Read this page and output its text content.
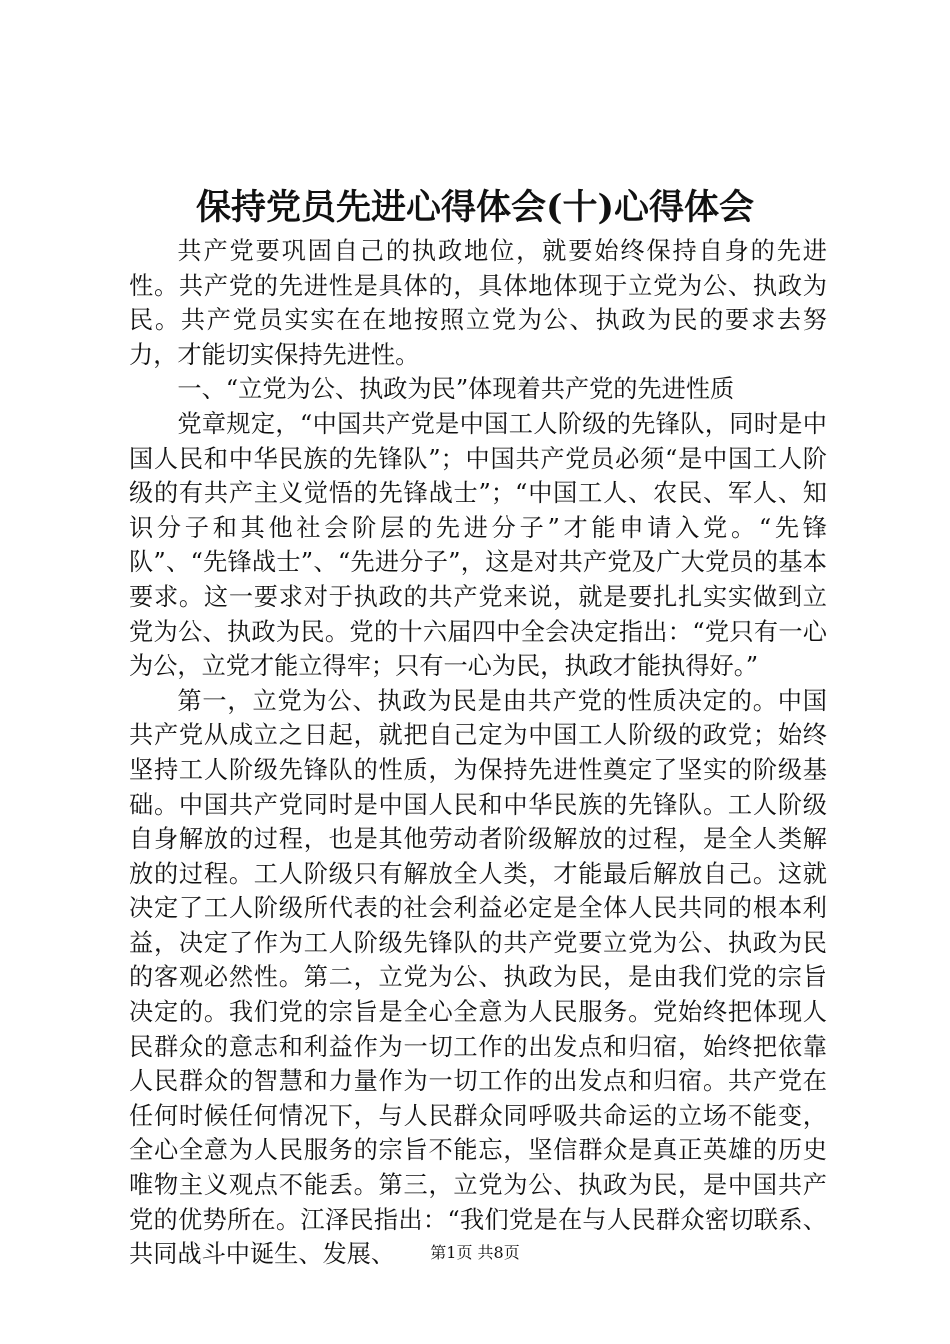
保持党员先进心得体会(十)心得体会

共产党要巩固自己的执政地位，就要始终保持自身的先进性。共产党的先进性是具体的，具体地体现于立党为公、执政为民。共产党员实实在在地按照立党为公、执政为民的要求去努力，才能切实保持先进性。

一、“立党为公、执政为民”体现着共产党的先进性质

党章规定，“中国共产党是中国工人阶级的先锋队，同时是中国人民和中华民族的先锋队”；中国共产党员必须“是中国工人阶级的有共产主义觉悟的先锋战士”；“中国工人、农民、军人、知识分子和其他社会阶层的先进分子”才能申请入党。“先锋队”、“先锋战士”、“先进分子”，这是对共产党及广大党员的基本要求。这一要求对于执政的共产党来说，就是要扎扎实实做到立党为公、执政为民。党的十六届四中全会决定指出：“党只有一心为公，立党才能立得牢；只有一心为民，执政才能执得好。”

第一，立党为公、执政为民是由共产党的性质决定的。中国共产党从成立之日起，就把自己定为中国工人阶级的政党；始终坚持工人阶级先锋队的性质，为保持先进性奠定了坚实的阶级基础。中国共产党同时是中国人民和中华民族的先锋队。工人阶级自身解放的过程，也是其他劳动者阶级解放的过程，是全人类解放的过程。工人阶级只有解放全人类，才能最后解放自己。这就决定了工人阶级所代表的社会利益必定是全体人民共同的根本利益，决定了作为工人阶级先锋队的共产党要立党为公、执政为民的客观必然性。第二，立党为公、执政为民，是由我们党的宗旨决定的。我们党的宗旨是全心全意为人民服务。党始终把体现人民群众的意志和利益作为一切工作的出发点和归宿，始终把依靠人民群众的智慧和力量作为一切工作的出发点和归宿。共产党在任何时候任何情况下，与人民群众同呼吸共命运的立场不能变，全心全意为人民服务的宗旨不能忘，坚信群众是真正英雄的历史唯物主义观点不能丢。第三，立党为公、执政为民，是中国共产党的优势所在。江泽民指出：“我们党是在与人民群众密切联系、共同战斗中诞生、发展、	第1页 共8页
